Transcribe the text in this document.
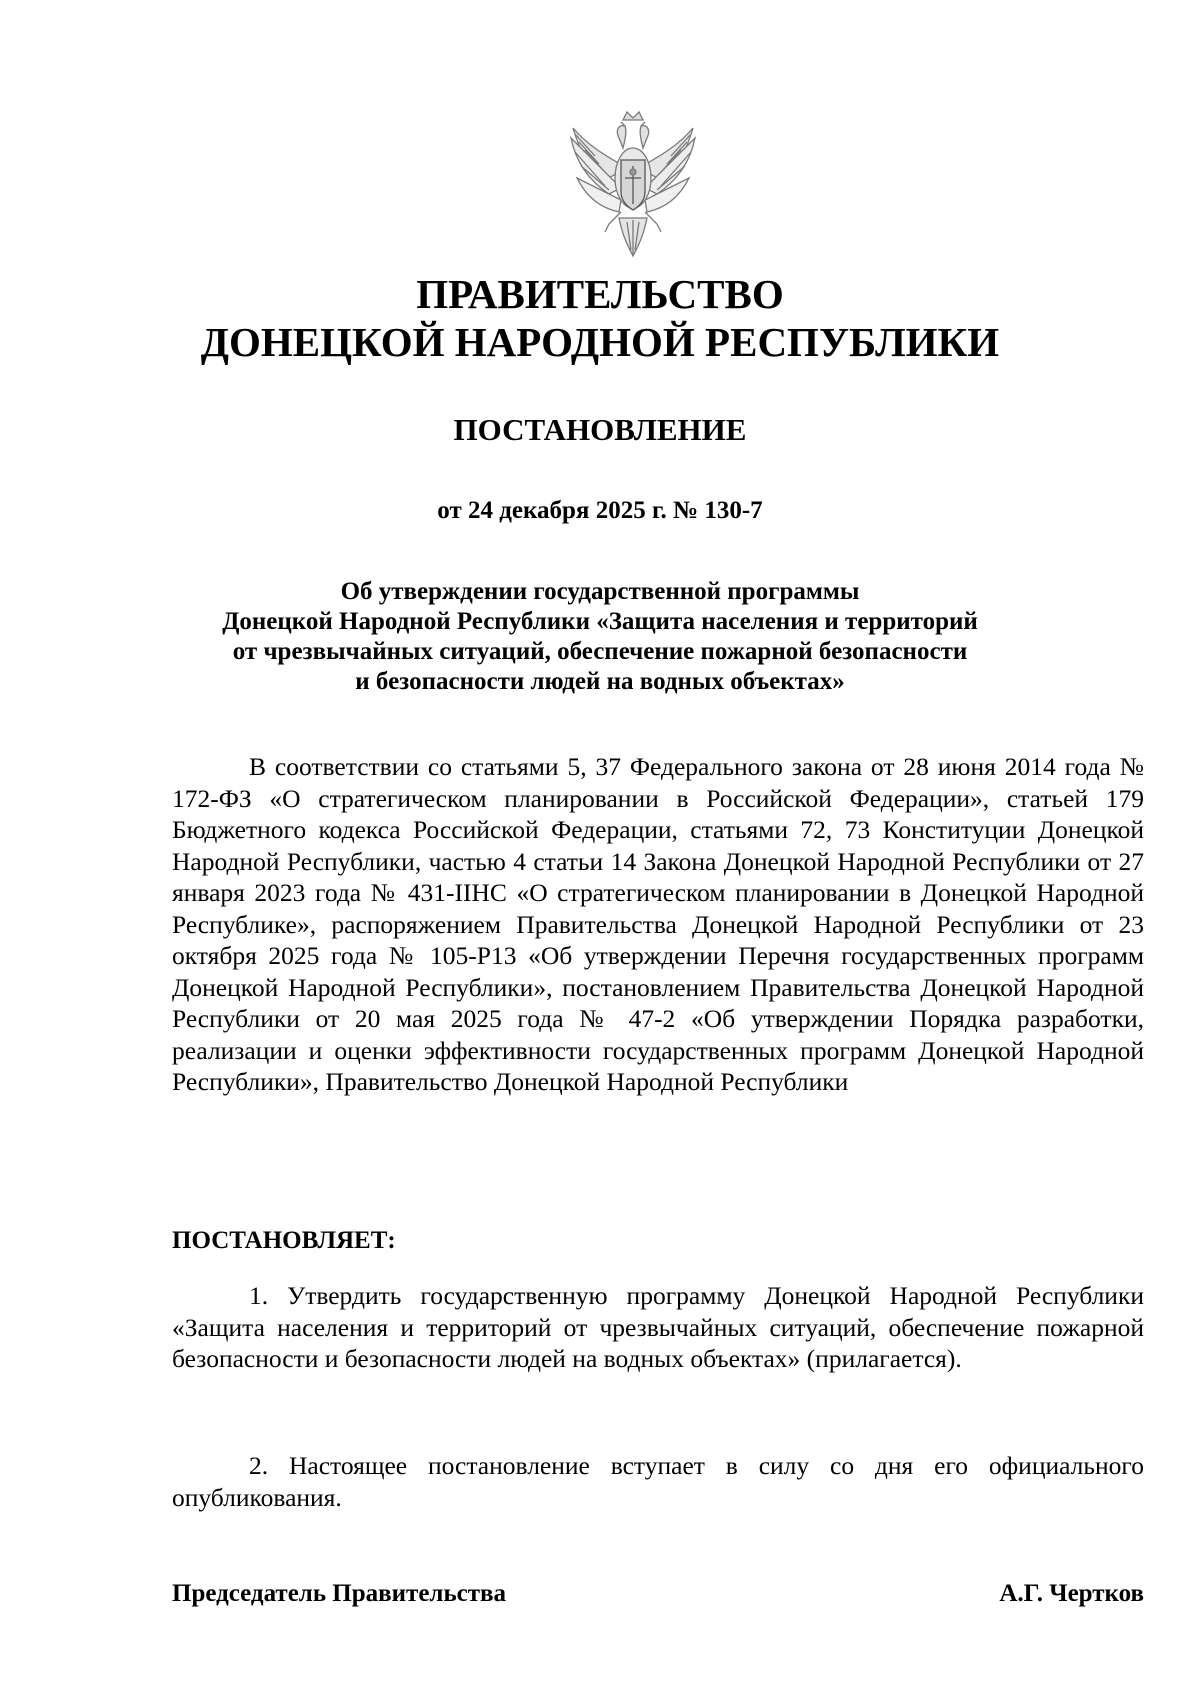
ПРАВИТЕЛЬСТВО
ДОНЕЦКОЙ НАРОДНОЙ РЕСПУБЛИКИ
ПОСТАНОВЛЕНИЕ
от 24 декабря 2025 г. № 130-7
Об утверждении государственной программы
Донецкой Народной Республики «Защита населения и территорий
от чрезвычайных ситуаций, обеспечение пожарной безопасности
и безопасности людей на водных объектах»
В соответствии со статьями 5, 37 Федерального закона от 28 июня 2014 года № 172-ФЗ «О стратегическом планировании в Российской Федерации», статьей 179 Бюджетного кодекса Российской Федерации, статьями 72, 73 Конституции Донецкой Народной Республики, частью 4 статьи 14 Закона Донецкой Народной Республики от 27 января 2023 года № 431-IIНС «О стратегическом планировании в Донецкой Народной Республике», распоряжением Правительства Донецкой Народной Республики от 23 октября 2025 года № 105-Р13 «Об утверждении Перечня государственных программ Донецкой Народной Республики», постановлением Правительства Донецкой Народной Республики от 20 мая 2025 года № 47-2 «Об утверждении Порядка разработки, реализации и оценки эффективности государственных программ Донецкой Народной Республики», Правительство Донецкой Народной Республики
ПОСТАНОВЛЯЕТ:
1. Утвердить государственную программу Донецкой Народной Республики «Защита населения и территорий от чрезвычайных ситуаций, обеспечение пожарной безопасности и безопасности людей на водных объектах» (прилагается).
2. Настоящее постановление вступает в силу со дня его официального опубликования.
Председатель Правительства	А.Г. Чертков
